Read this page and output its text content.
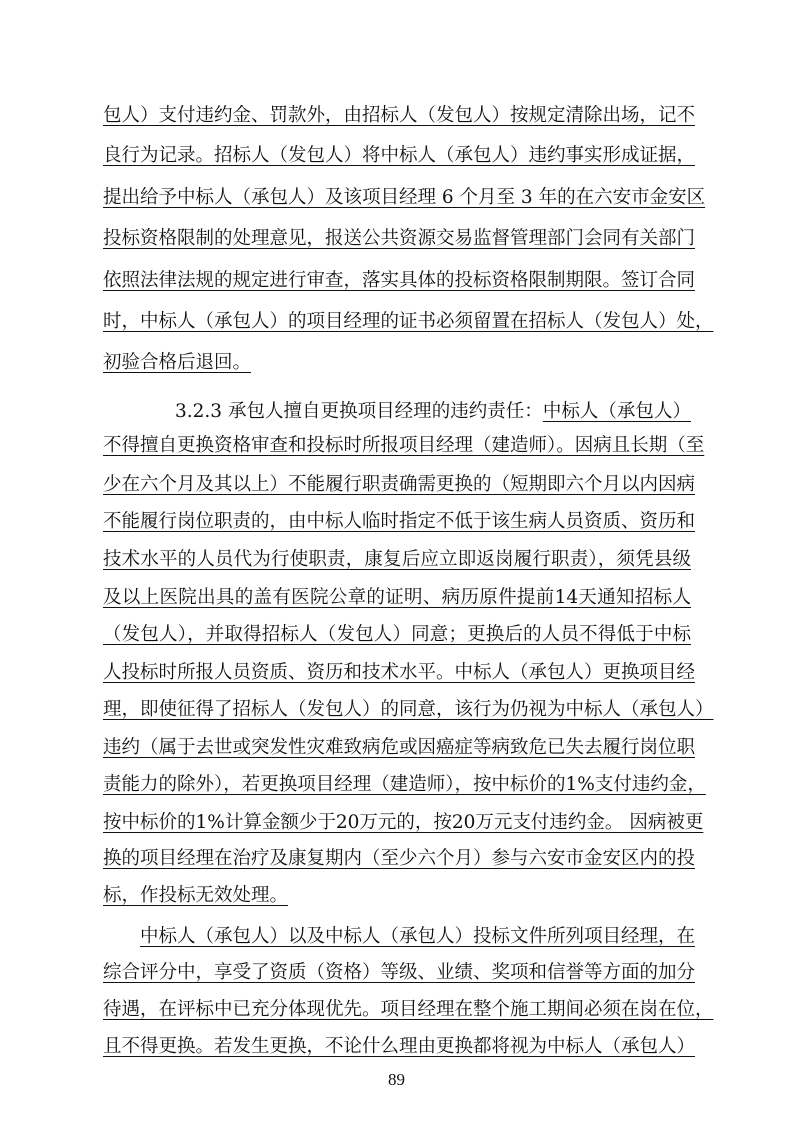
包人）支付违约金、罚款外，由招标人（发包人）按规定清除出场，记不
良行为记录。招标人（发包人）将中标人（承包人）违约事实形成证据，
提出给予中标人（承包人）及该项目经理 6 个月至 3 年的在六安市金安区
投标资格限制的处理意见，报送公共资源交易监督管理部门会同有关部门
依照法律法规的规定进行审查，落实具体的投标资格限制期限。签订合同
时，中标人（承包人）的项目经理的证书必须留置在招标人（发包人）处，
初验合格后退回。
3.2.3 承包人擅自更换项目经理的违约责任：中标人（承包人）
不得擅自更换资格审查和投标时所报项目经理（建造师）。因病且长期（至
少在六个月及其以上）不能履行职责确需更换的（短期即六个月以内因病
不能履行岗位职责的，由中标人临时指定不低于该生病人员资质、资历和
技术水平的人员代为行使职责，康复后应立即返岗履行职责），须凭县级
及以上医院出具的盖有医院公章的证明、病历原件提前14天通知招标人
（发包人），并取得招标人（发包人）同意；更换后的人员不得低于中标
人投标时所报人员资质、资历和技术水平。中标人（承包人）更换项目经
理，即使征得了招标人（发包人）的同意，该行为仍视为中标人（承包人）
违约（属于去世或突发性灾难致病危或因癌症等病致危已失去履行岗位职
责能力的除外），若更换项目经理（建造师），按中标价的1%支付违约金，
按中标价的1%计算金额少于20万元的，按20万元支付违约金。 因病被更
换的项目经理在治疗及康复期内（至少六个月）参与六安市金安区内的投
标，作投标无效处理。
中标人（承包人）以及中标人（承包人）投标文件所列项目经理，在
综合评分中，享受了资质（资格）等级、业绩、奖项和信誉等方面的加分
待遇，在评标中已充分体现优先。项目经理在整个施工期间必须在岗在位，
且不得更换。若发生更换，不论什么理由更换都将视为中标人（承包人）
89
